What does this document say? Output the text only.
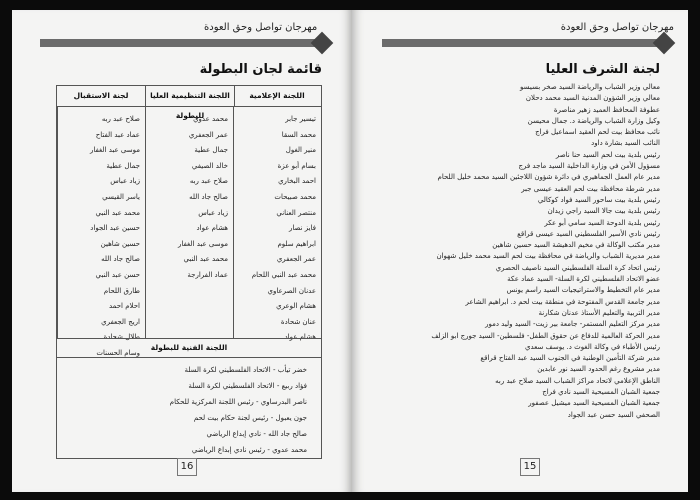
مهرجان تواصل وحق العودة
قائمة لجان البطولة
اللجنة الإعلامية
اللجنة التنظيمية العليا للبطولة
لجنة الاستقبال
تيسير جابر
محمد السقا
منير الغول
بسام أبو عزة
احمد البخاري
محمد صبيحات
منتصر العناني
فايز نصار
ابراهيم سلوم
عمر الجعفري
محمد عبد النبي اللحام
عدنان الصرعاوي
هشام الوعري
عنان شحادة
هشام عواد
محمد عدوي
عمر الجعفري
جمال عطية
خالد الصيفي
صلاح عبد ربه
صالح جاد الله
زياد عباس
هشام عواد
موسى عبد الغفار
محمد عبد النبي
عماد الفرارجة
صلاح عبد ربه
عماد عبد الفتاح
موسى عبد الغفار
جمال عطية
زياد عباس
ياسر القيسي
محمد عبد النبي
حسين عبد الجواد
حسين شاهين
صالح جاد الله
حسن عبد النبي
طارق اللحام
احلام احمد
اريج الجعفري
طلال شحادة
وسام الحسنات
اللجنة الفنية للبطولة
خضر تيأب - الاتحاد الفلسطيني لكرة السلة
فؤاد ربيع - الاتحاد الفلسطيني لكرة السلة
ناصر البدرساوي - رئيس اللجنة المركزية للحكام
جون يعبول - رئيس لجنة حكام بيت لحم
صالح جاد الله - نادي إبداع الرياضي
محمد عدوي - رئيس نادي إبداع الرياضي
16
مهرجان تواصل وحق العودة
لجنة الشرف العليا
معالي وزير الشباب والرياضة السيد صخر بسيسو
معالي وزير الشؤون المدنية السيد محمد دحلان
عطوفة المحافظ العميد زهير مناصرة
وكيل وزارة الشباب والرياضة د. جمال محيسن
نائب محافظ بيت لحم العقيد اسماعيل فراج
النائب السيد بشارة داود
رئيس بلدية بيت لحم السيد حنا ناصر
مسؤول الأمن في وزارة الداخلية السيد ماجد فرج
مدير عام العمل الجماهيري في دائرة شؤون اللاجئين السيد محمد خليل اللحام
مدير شرطة محافظة بيت لحم العقيد عيسى جبر
رئيس بلدية بيت ساحور السيد فواد كوكالي
رئيس بلدية بيت جالا السيد راجي زيدان
رئيس بلدية الدوحة السيد سامي أبو عكر
رئيس نادي الأسير الفلسطيني السيد عيسى قراقع
مدير مكتب الوكالة في مخيم الدهيشة السيد حسين شاهين
مدير مديرية الشباب والرياضة في محافظة بيت لحم السيد محمد خليل شهوان
رئيس اتحاد كرة السلة الفلسطيني السيد ناصيف الحصري
عضو الاتحاد الفلسطيني لكرة السلة- السيد عماد عكة
مدير عام التخطيط والاستراتيجيات السيد راسم يونس
مدير جامعة القدس المفتوحة في منطقة بيت لحم د. ابراهيم الشاعر
مدير التربية والتعليم الأستاذ عدنان شكارنة
مدير مركز التعليم المستمر- جامعة بير زيت- السيد وليد دمور
مدير الحركة العالمية للدفاع عن حقوق الطفل- فلسطين- السيد جورج ابو الزلف
رئيس الأطباء في وكالة الغوث د. يوسف سعدي
مدير شركة التأمين الوطنية في الجنوب السيد عبد الفتاح قراقع
مدير مشروع رغم الحدود السيد نور عابدين
الناطق الإعلامي لاتحاد مراكز الشباب السيد صلاح عبد ربه
جمعية الشبان المسيحية السيد نادي فراج
جمعية الشبان المسيحية السيد ميشيل عصفور
الصحفي السيد حسن عبد الجواد
15
